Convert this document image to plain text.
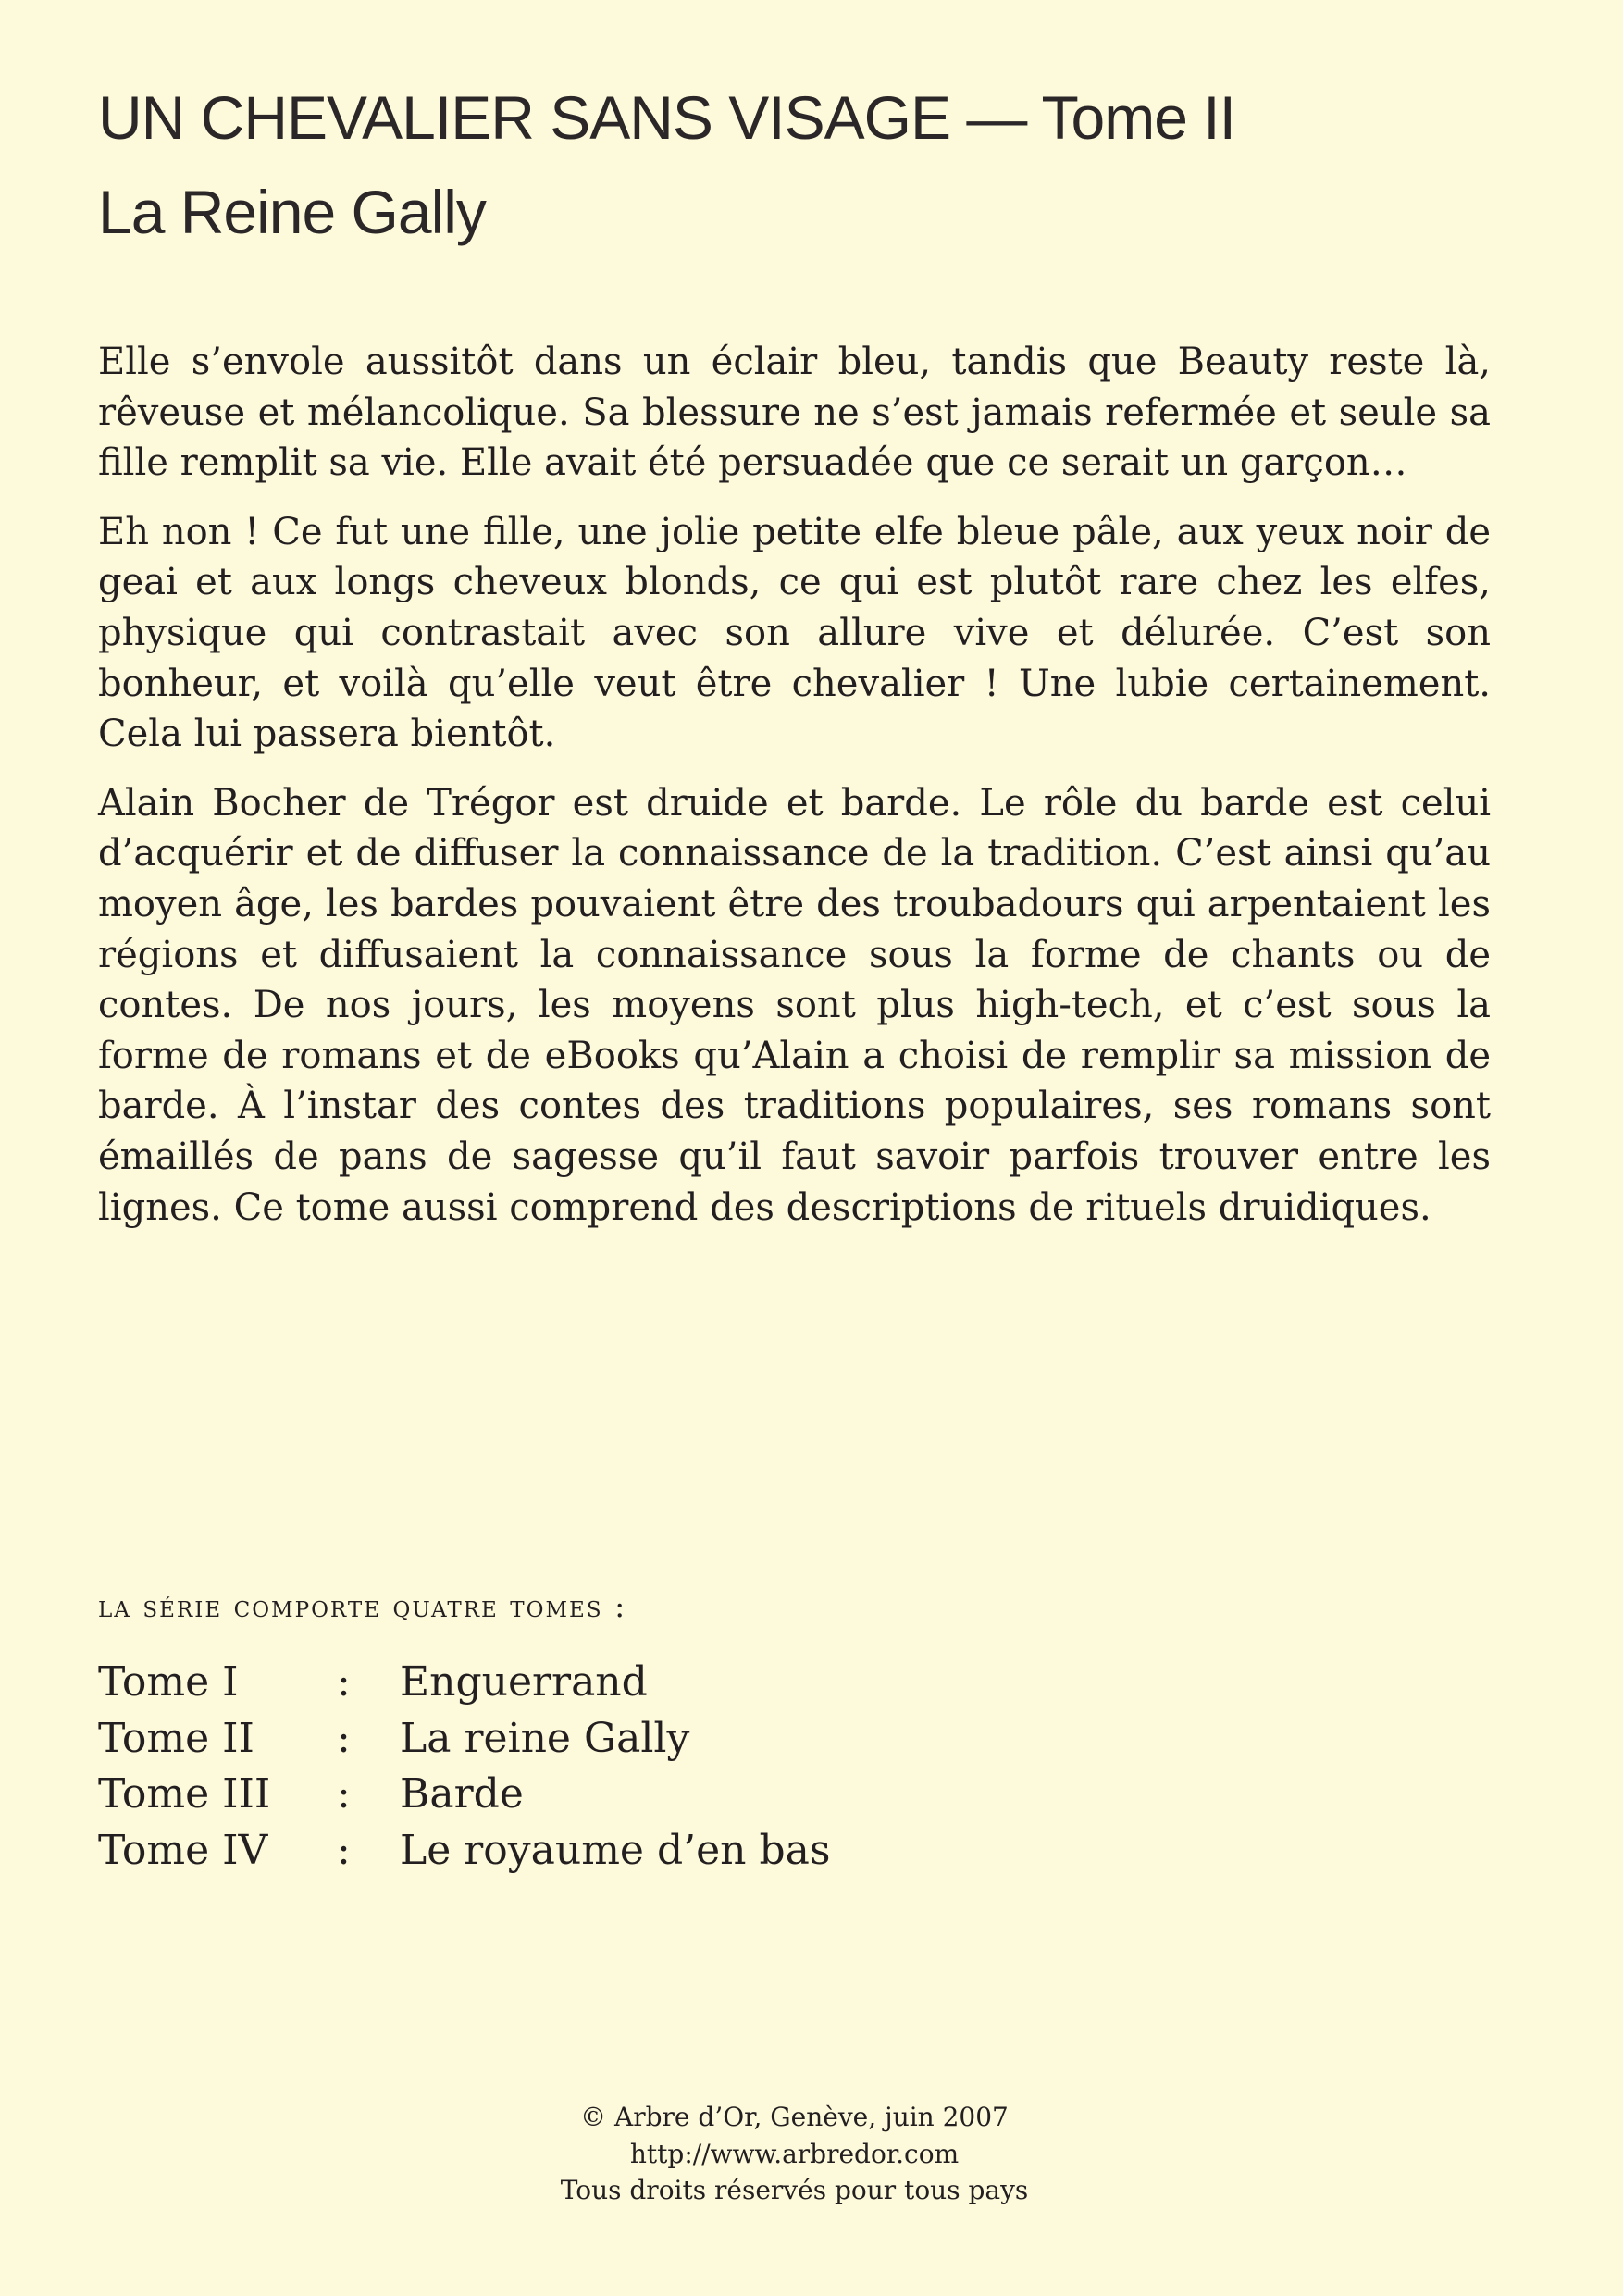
UN CHEVALIER SANS VISAGE — Tome II
La Reine Gally

Elle s’envole aussitôt dans un éclair bleu, tandis que Beauty reste là, rêveuse et mélancolique. Sa blessure ne s’est jamais refermée et seule sa fille remplit sa vie. Elle avait été persuadée que ce serait un garçon…

Eh non ! Ce fut une fille, une jolie petite elfe bleue pâle, aux yeux noir de geai et aux longs cheveux blonds, ce qui est plutôt rare chez les elfes, physique qui contrastait avec son allure vive et délurée. C’est son bonheur, et voilà qu’elle veut être chevalier ! Une lubie certainement. Cela lui passera bientôt.

Alain Bocher de Trégor est druide et barde. Le rôle du barde est celui d’acquérir et de diffuser la connaissance de la tradition. C’est ainsi qu’au moyen âge, les bardes pouvaient être des troubadours qui arpentaient les régions et diffusaient la connaissance sous la forme de chants ou de contes. De nos jours, les moyens sont plus high-tech, et c’est sous la forme de romans et de eBooks qu’Alain a choisi de remplir sa mission de barde. À l’instar des contes des traditions populaires, ses romans sont émaillés de pans de sagesse qu’il faut savoir parfois trouver entre les lignes. Ce tome aussi comprend des descriptions de rituels druidiques.

la série comporte quatre tomes :
Tome I	:	Enguerrand
Tome II	:	La reine Gally
Tome III	:	Barde
Tome IV	:	Le royaume d’en bas
© Arbre d’Or, Genève, juin 2007
http://www.arbredor.com
Tous droits réservés pour tous pays
